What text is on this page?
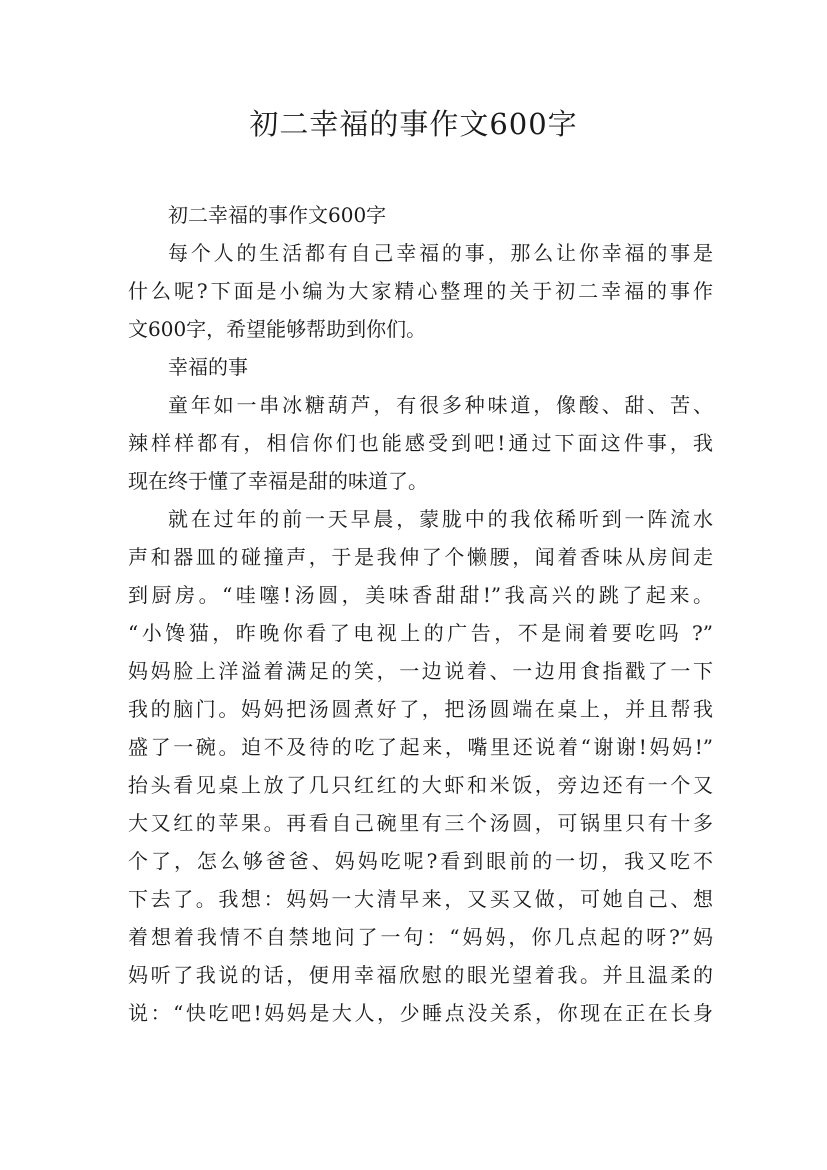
初二幸福的事作文600字
初二幸福的事作文600字
每个人的生活都有自己幸福的事，那么让你幸福的事是
什么呢?下面是小编为大家精心整理的关于初二幸福的事作
文600字，希望能够帮助到你们。
幸福的事
童年如一串冰糖葫芦，有很多种味道，像酸、甜、苦、
辣样样都有，相信你们也能感受到吧!通过下面这件事，我
现在终于懂了幸福是甜的味道了。
就在过年的前一天早晨，蒙胧中的我依稀听到一阵流水
声和器皿的碰撞声，于是我伸了个懒腰，闻着香味从房间走
到厨房。“哇噻!汤圆，美味香甜甜!”我高兴的跳了起来。
“小馋猫，昨晚你看了电视上的广告，不是闹着要吃吗 ?”
妈妈脸上洋溢着满足的笑，一边说着、一边用食指戳了一下
我的脑门。妈妈把汤圆煮好了，把汤圆端在桌上，并且帮我
盛了一碗。迫不及待的吃了起来，嘴里还说着“谢谢!妈妈!”
抬头看见桌上放了几只红红的大虾和米饭，旁边还有一个又
大又红的苹果。再看自己碗里有三个汤圆，可锅里只有十多
个了，怎么够爸爸、妈妈吃呢?看到眼前的一切，我又吃不
下去了。我想：妈妈一大清早来，又买又做，可她自己、想
着想着我情不自禁地问了一句：“妈妈，你几点起的呀?”妈
妈听了我说的话，便用幸福欣慰的眼光望着我。并且温柔的
说：“快吃吧!妈妈是大人，少睡点没关系，你现在正在长身
